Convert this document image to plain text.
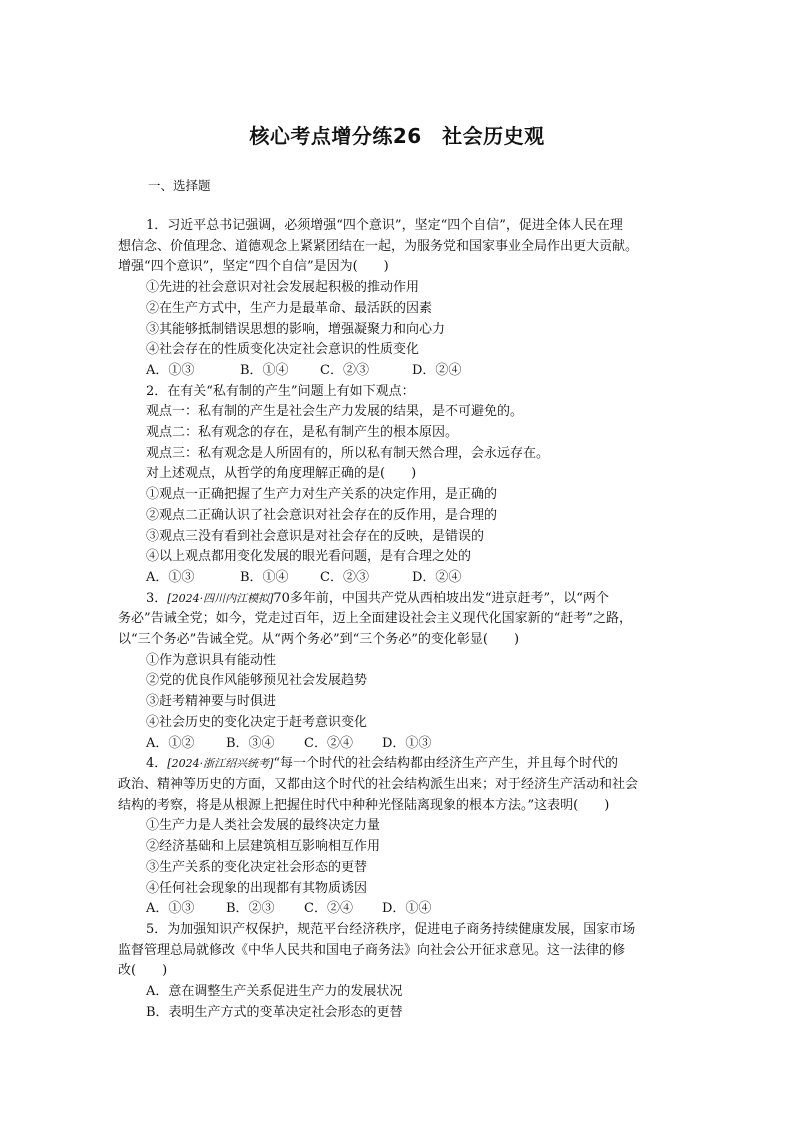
核心考点增分练26　社会历史观
一、选择题
1．习近平总书记强调，必须增强“四个意识”，坚定“四个自信”，促进全体人民在理
想信念、价值理念、道德观念上紧紧团结在一起，为服务党和国家事业全局作出更大贡献。
增强“四个意识”，坚定“四个自信”是因为(　　)
①先进的社会意识对社会发展起积极的推动作用
②在生产方式中，生产力是最革命、最活跃的因素
③其能够抵制错误思想的影响，增强凝聚力和向心力
④社会存在的性质变化决定社会意识的性质变化
A．①③	B．①④ C．②③	D．②④
2．在有关“私有制的产生”问题上有如下观点：
观点一：私有制的产生是社会生产力发展的结果，是不可避免的。
观点二：私有观念的存在，是私有制产生的根本原因。
观点三：私有观念是人所固有的，所以私有制天然合理，会永远存在。
对上述观点，从哲学的角度理解正确的是(　　)
①观点一正确把握了生产力对生产关系的决定作用，是正确的
②观点二正确认识了社会意识对社会存在的反作用，是合理的
③观点三没有看到社会意识是对社会存在的反映，是错误的
④以上观点都用变化发展的眼光看问题，是有合理之处的
A．①③	B．①④ C．②③	D．②④
3．[2024·四川内江模拟]70多年前，中国共产党从西柏坡出发“进京赶考”，以“两个
务必”告诫全党；如今，党走过百年，迈上全面建设社会主义现代化国家新的“赶考”之路，
以“三个务必”告诫全党。从“两个务必”到“三个务必”的变化彰显(　　)
①作为意识具有能动性
②党的优良作风能够预见社会发展趋势
③赶考精神要与时俱进
④社会历史的变化决定于赶考意识变化
A．①② B．③④ C．②④ D．①③
4．[2024·浙江绍兴统考]“每一个时代的社会结构都由经济生产产生，并且每个时代的
政治、精神等历史的方面，又都由这个时代的社会结构派生出来；对于经济生产活动和社会
结构的考察，将是从根源上把握住时代中种种光怪陆离现象的根本方法。”这表明(　　)
①生产力是人类社会发展的最终决定力量
②经济基础和上层建筑相互影响相互作用
③生产关系的变化决定社会形态的更替
④任何社会现象的出现都有其物质诱因
A．①③ B．②③ C．②④ D．①④
5．为加强知识产权保护，规范平台经济秩序，促进电子商务持续健康发展，国家市场
监督管理总局就修改《中华人民共和国电子商务法》向社会公开征求意见。这一法律的修
改(　　)
A．意在调整生产关系促进生产力的发展状况
B．表明生产方式的变革决定社会形态的更替
